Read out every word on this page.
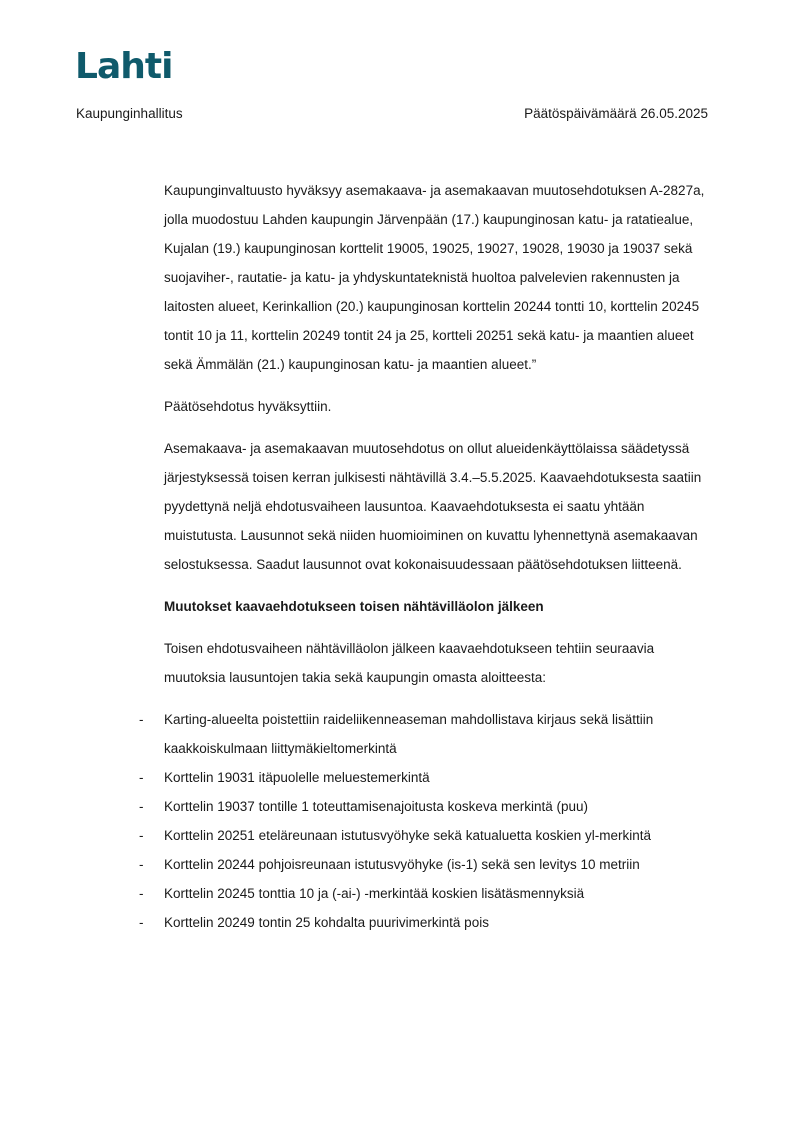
Lahti
Kaupunginhallitus	Päätöspäivämäärä 26.05.2025

Kaupunginvaltuusto hyväksyy asemakaava- ja asemakaavan muutosehdotuksen A-2827a, jolla muodostuu Lahden kaupungin Järvenpään (17.) kaupunginosan katu- ja ratatiealue, Kujalan (19.) kaupunginosan korttelit 19005, 19025, 19027, 19028, 19030 ja 19037 sekä suojaviher-, rautatie- ja katu- ja yhdyskuntateknistä huoltoa palvelevien rakennusten ja laitosten alueet, Kerinkallion (20.) kaupunginosan korttelin 20244 tontti 10, korttelin 20245 tontit 10 ja 11, korttelin 20249 tontit 24 ja 25, kortteli 20251 sekä katu- ja maantien alueet sekä Ämmälän (21.) kaupunginosan katu- ja maantien alueet.”

Päätösehdotus hyväksyttiin.

Asemakaava- ja asemakaavan muutosehdotus on ollut alueidenkäyttölaissa säädetyssä järjestyksessä toisen kerran julkisesti nähtävillä 3.4.–5.5.2025. Kaavaehdotuksesta saatiin pyydettynä neljä ehdotusvaiheen lausuntoa. Kaavaehdotuksesta ei saatu yhtään muistutusta. Lausunnot sekä niiden huomioiminen on kuvattu lyhennettynä asemakaavan selostuksessa. Saadut lausunnot ovat kokonaisuudessaan päätösehdotuksen liitteenä.

Muutokset kaavaehdotukseen toisen nähtävilläolon jälkeen

Toisen ehdotusvaiheen nähtävilläolon jälkeen kaavaehdotukseen tehtiin seuraavia muutoksia lausuntojen takia sekä kaupungin omasta aloitteesta:

- Karting-alueelta poistettiin raideliikenneaseman mahdollistava kirjaus sekä lisättiin kaakkoiskulmaan liittymäkieltomerkintä
- Korttelin 19031 itäpuolelle meluestemerkintä
- Korttelin 19037 tontille 1 toteuttamisenajoitusta koskeva merkintä (puu)
- Korttelin 20251 eteläreunaan istutusvyöhyke sekä katualuetta koskien yl-merkintä
- Korttelin 20244 pohjoisreunaan istutusvyöhyke (is-1) sekä sen levitys 10 metriin
- Korttelin 20245 tonttia 10 ja (-ai-) -merkintää koskien lisätäsmennyksiä
- Korttelin 20249 tontin 25 kohdalta puurivimerkintä pois
